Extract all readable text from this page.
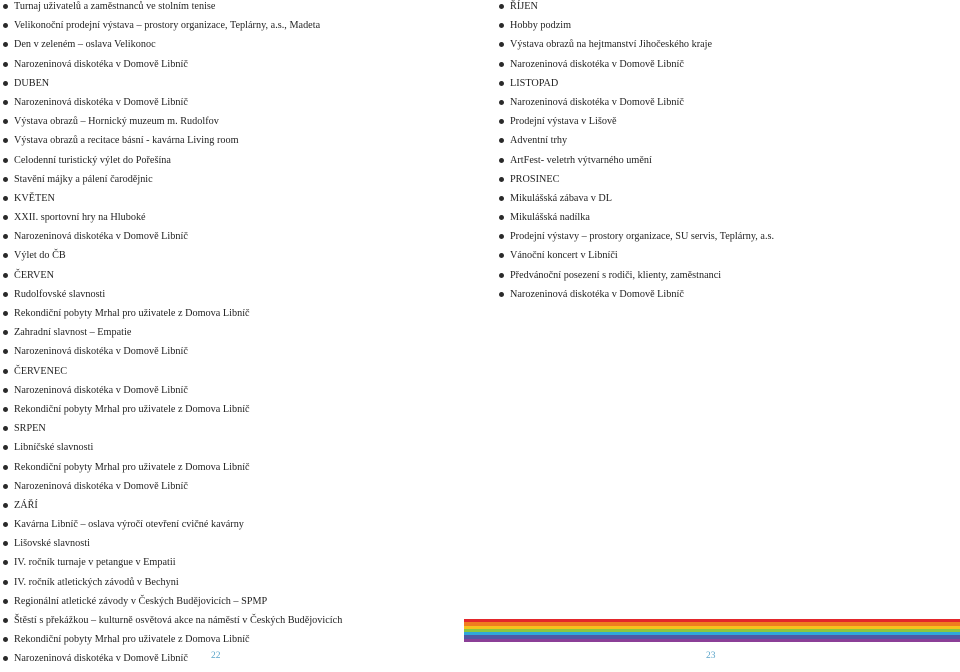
Turnaj uživatelů a zaměstnanců ve stolním tenise
Velikonoční prodejní výstava – prostory organizace, Teplárny, a.s., Madeta
Den v zeleném – oslava Velikonoc
Narozeninová diskotéka v Domově Libníč
DUBEN
Narozeninová diskotéka v Domově Libníč
Výstava obrazů – Hornický muzeum m. Rudolfov
Výstava obrazů a recitace básní - kavárna Living room
Celodenní turistický výlet do Pořešína
Stavění májky a pálení čarodějnic
KVĚTEN
XXII. sportovní hry na Hluboké
Narozeninová diskotéka v Domově Libníč
Výlet do ČB
ČERVEN
Rudolfovské slavnosti
Rekondiční pobyty Mrhal pro uživatele z Domova Libníč
Zahradní slavnost – Empatie
Narozeninová diskotéka v Domově Libníč
ČERVENEC
Narozeninová diskotéka v Domově Libníč
Rekondiční pobyty Mrhal pro uživatele z Domova Libníč
SRPEN
Libníčské slavnosti
Rekondiční pobyty Mrhal pro uživatele z Domova Libníč
Narozeninová diskotéka v Domově Libníč
ZÁŘÍ
Kavárna Libníč – oslava výročí otevření cvičné kavárny
Lišovské slavnosti
IV. ročník turnaje v petangue v Empatii
IV. ročník atletických závodů v Bechyni
Regionální atletické závody v Českých Budějovicích – SPMP
Štěstí s překážkou – kulturně osvětová akce na náměstí v Českých Budějovicích
Rekondiční pobyty Mrhal pro uživatele z Domova Libníč
Narozeninová diskotéka v Domově Libníč
ŘÍJEN
Hobby podzim
Výstava obrazů na hejtmanství Jihočeského kraje
Narozeninová diskotéka v Domově Libníč
LISTOPAD
Narozeninová diskotéka v Domově Libníč
Prodejní výstava v Lišově
Adventní trhy
ArtFest- veletrh výtvarného umění
PROSINEC
Mikulášská zábava v DL
Mikulášská nadílka
Prodejní výstavy – prostory organizace, SU servis, Teplárny, a.s.
Vánoční koncert v Libníči
Předvánoční posezení s rodiči, klienty, zaměstnanci
Narozeninová diskotéka v Domově Libníč
22	23
